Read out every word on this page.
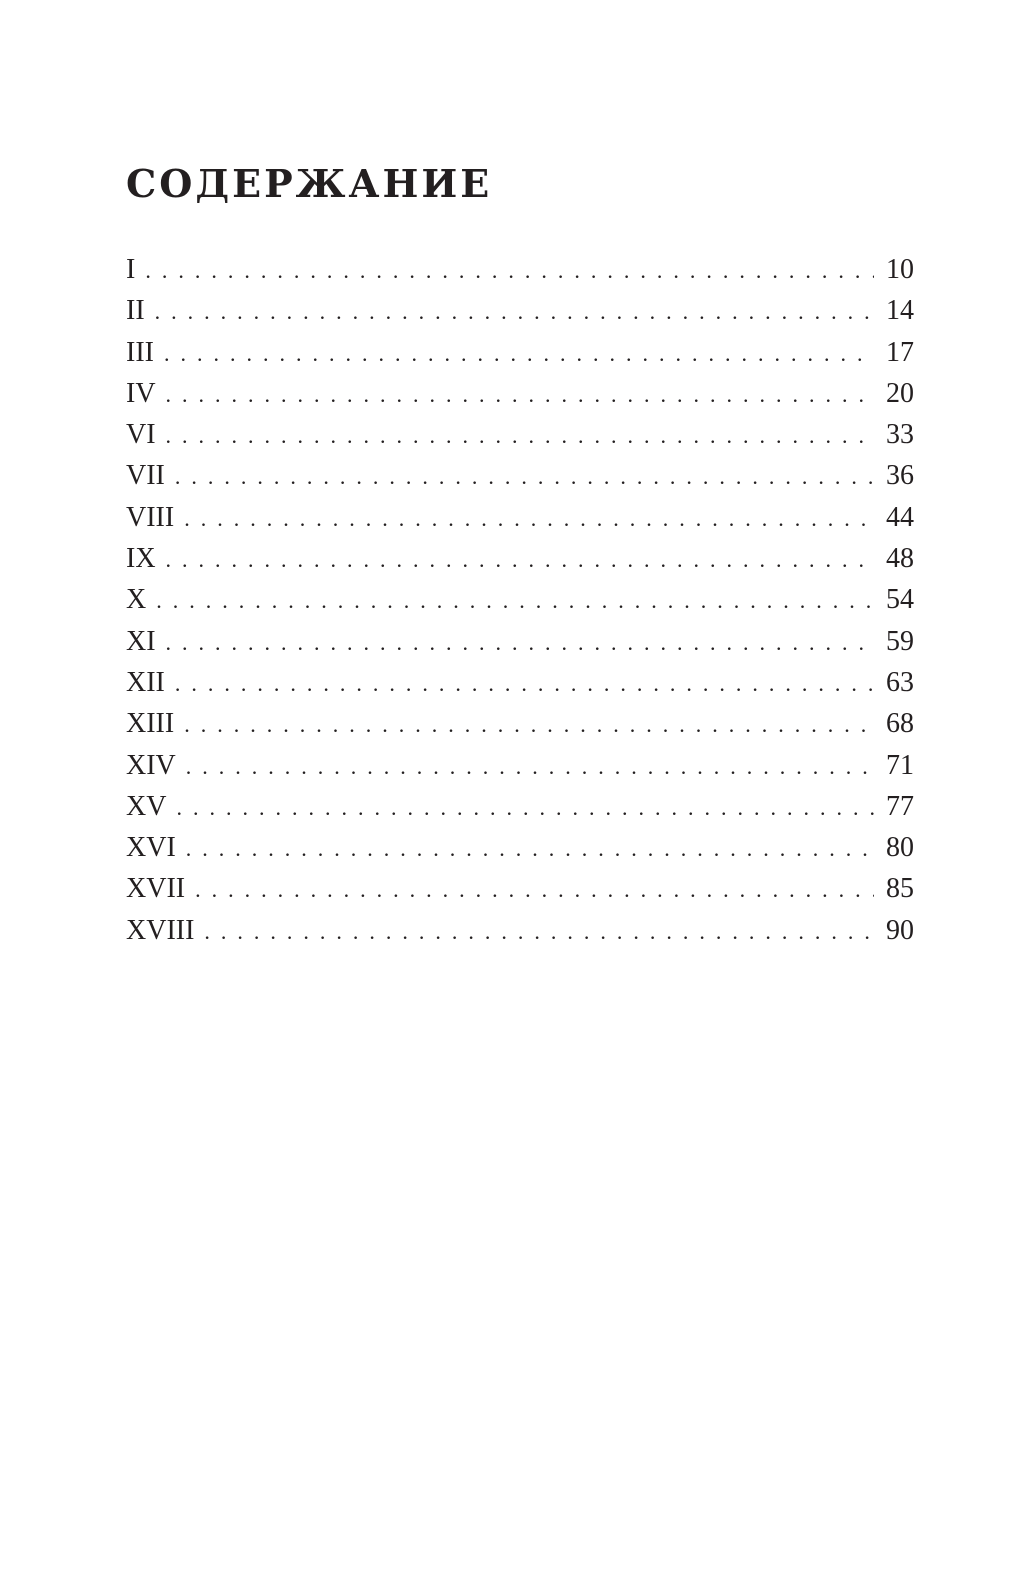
СОДЕРЖАНИЕ
I . . .	10
II . . .	14
III . . .	17
IV . . .	20
VI . . .	33
VII . . .	36
VIII . . .	44
IX . . .	48
X . . .	54
XI . . .	59
XII . . .	63
XIII . . .	68
XIV . . .	71
XV . . .	77
XVI . . .	80
XVII . . .	85
XVIII . . .	90
